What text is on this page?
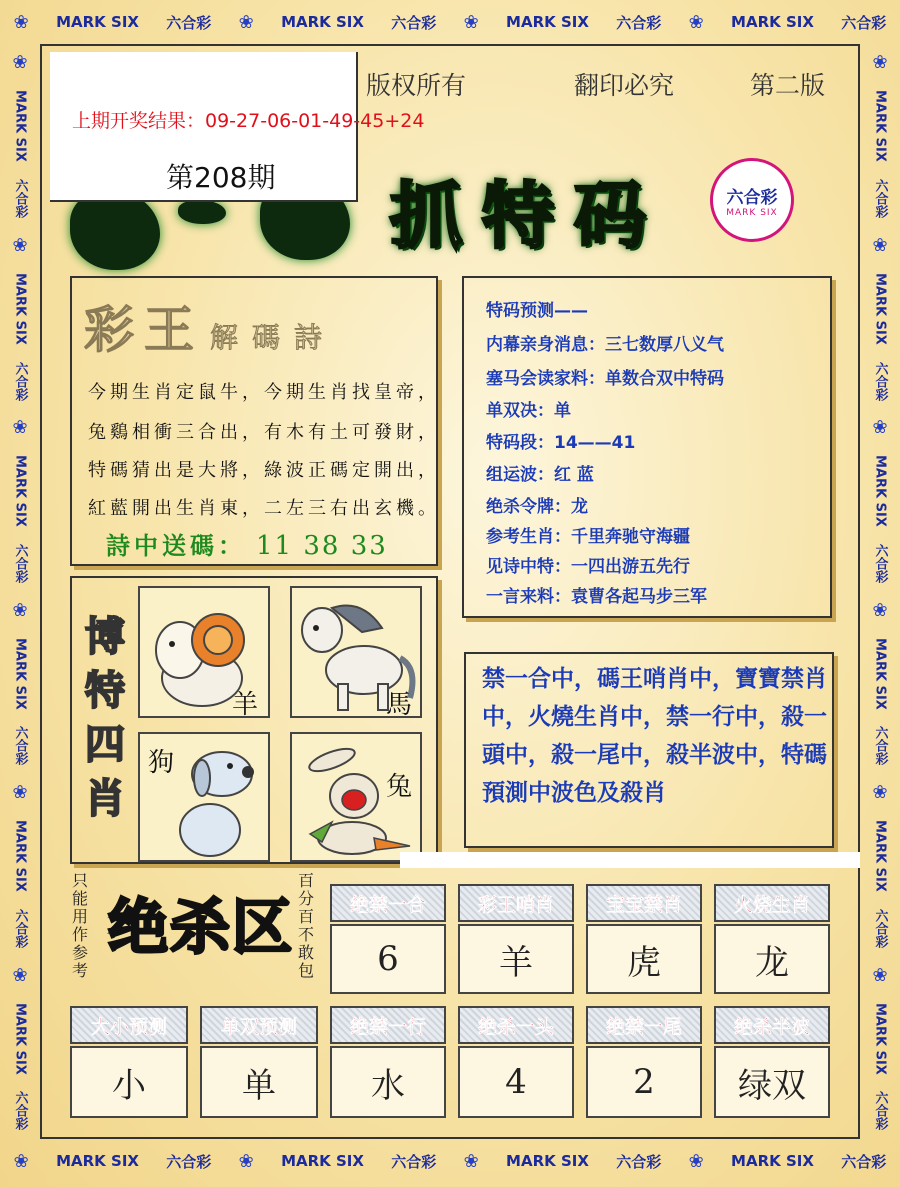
❀ MARK SIX 六合彩 ❀ MARK SIX 六合彩 ❀ MARK SIX 六合彩 ❀ MARK SIX 六合彩
❀ MARK SIX 六合彩 ❀ MARK SIX 六合彩 ❀ MARK SIX 六合彩 ❀ MARK SIX 六合彩
❀
MARK SIX
六合彩
❀
MARK SIX
六合彩
❀
MARK SIX
六合彩
❀
MARK SIX
六合彩
❀
MARK SIX
六合彩
❀
MARK SIX
六合彩
❀
MARK SIX
六合彩
❀
MARK SIX
六合彩
❀
MARK SIX
六合彩
❀
MARK SIX
六合彩
❀
MARK SIX
六合彩
❀
MARK SIX
六合彩
版权所有	翻印必究	第二版
上期开奖结果：09-27-06-01-49-45+24
第208期 抓特码	六合彩
MARK SIX
彩王 解碼詩
今期生肖定鼠牛，今期生肖找皇帝，
兔鷄相衝三合出，有木有土可發財，
特碼猜出是大將，綠波正碼定開出，
紅藍開出生肖東，二左三右出玄機。
詩中送碼： 11 38 33
特码预测——
内幕亲身消息：三七数厚八义气
塞马会读家料：单数合双中特码
单双决：单
特码段：14——41
组运波：红 蓝
绝杀令牌：龙
参考生肖：千里奔驰守海疆
见诗中特：一四出游五先行
一言来料：袁曹各起马步三军
博特四肖
羊	馬
狗
兔
禁一合中，碼王哨肖中，寶寶禁肖中，火燒生肖中，禁一行中，殺一頭中，殺一尾中，殺半波中，特碼預測中波色及殺肖
只能用作参考
绝杀区
百分百不敢包
绝禁一合
6
彩王哨肖
羊
宝宝禁肖
虎
火烧生肖
龙
大小预测
小
单双预测
单
绝禁一行
水
绝杀一头
4
绝禁一尾
2
绝杀半波
绿双
